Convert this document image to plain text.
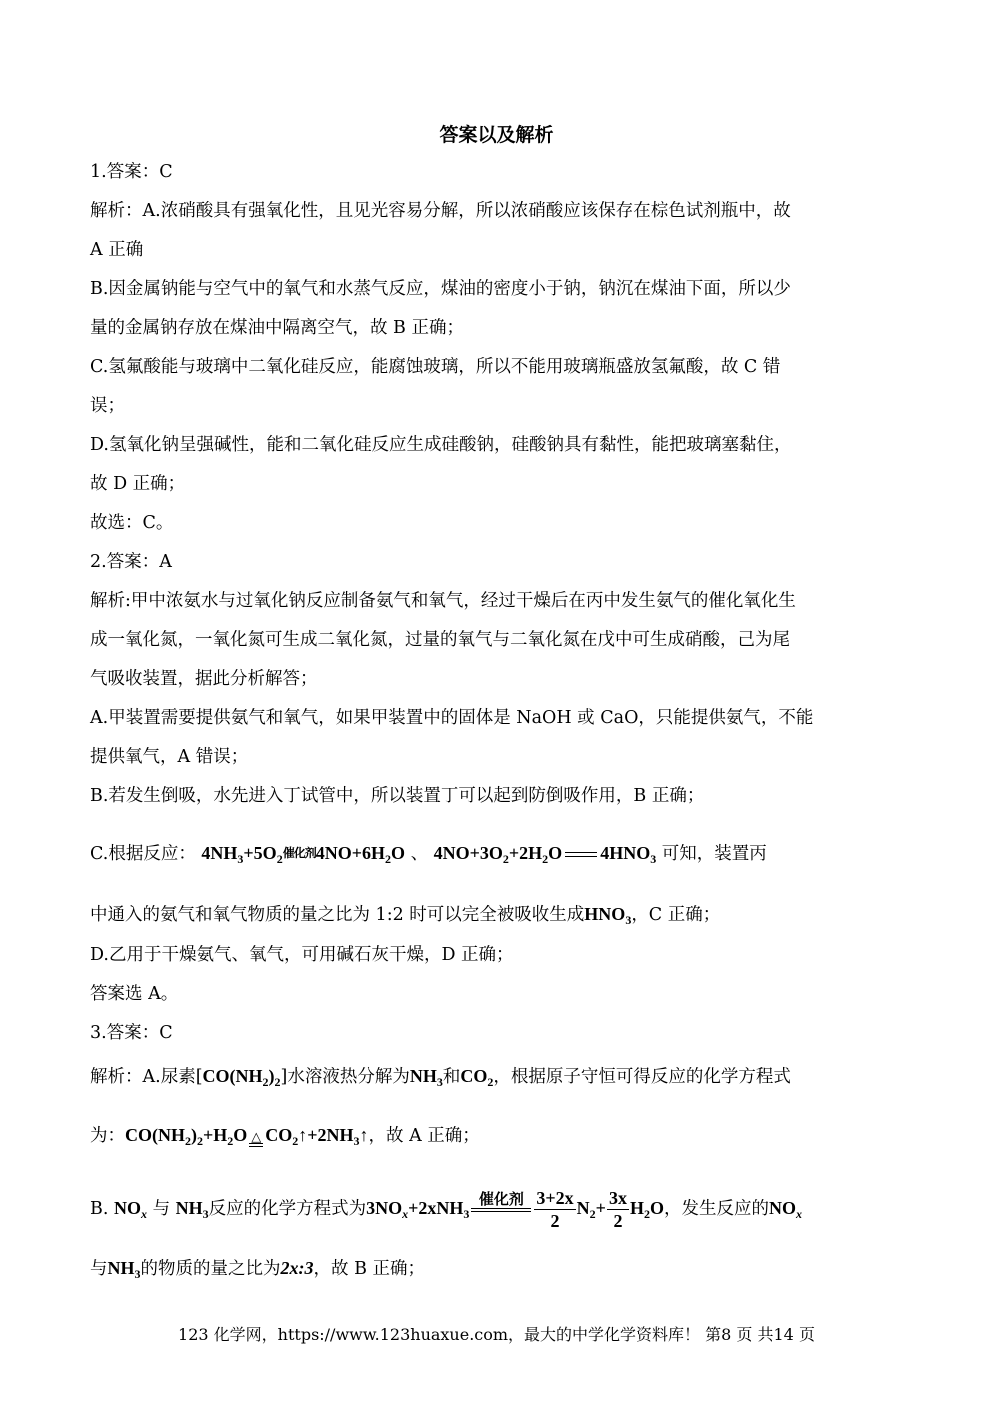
答案以及解析
1.答案：C
解析：A.浓硝酸具有强氧化性，且见光容易分解，所以浓硝酸应该保存在棕色试剂瓶中，故
A 正确
B.因金属钠能与空气中的氧气和水蒸气反应，煤油的密度小于钠，钠沉在煤油下面，所以少
量的金属钠存放在煤油中隔离空气，故 B 正确；
C.氢氟酸能与玻璃中二氧化硅反应，能腐蚀玻璃，所以不能用玻璃瓶盛放氢氟酸，故 C 错
误；
D.氢氧化钠呈强碱性，能和二氧化硅反应生成硅酸钠，硅酸钠具有黏性，能把玻璃塞黏住，
故 D 正确；
故选：C。
2.答案：A
解析:甲中浓氨水与过氧化钠反应制备氨气和氧气，经过干燥后在丙中发生氨气的催化氧化生
成一氧化氮，一氧化氮可生成二氧化氮，过量的氧气与二氧化氮在戊中可生成硝酸，己为尾
气吸收装置，据此分析解答；
A.甲装置需要提供氨气和氧气，如果甲装置中的固体是 NaOH 或 CaO，只能提供氨气，不能
提供氧气，A 错误；
B.若发生倒吸，水先进入丁试管中，所以装置丁可以起到防倒吸作用，B 正确；
C.根据反应： $4NH_3+5O_2$催化剂$4NO+6H_2O$ 、 $4NO+3O_2+2H_2O$ $4HNO_3$ 可知，装置丙
中通入的氨气和氧气物质的量之比为 1:2 时可以完全被吸收生成$HNO_3$，C 正确；
D.乙用于干燥氨气、氧气，可用碱石灰干燥，D 正确；
答案选 A。
3.答案：C
解析：A.尿素$[CO(NH_2)_2]$水溶液热分解为$NH_3$和$CO_2$，根据原子守恒可得反应的化学方程式
为：$CO(NH_2)_2+H_2O$ △ $CO_2↑+2NH_3↑$，故 A 正确；
B. $NO_x$ 与 $NH_3$反应的化学方程式为$3NO_x+2xNH_3$
催化剂
$\frac{3+2x}{2} N_2+ \frac{3x}{2} H_2O$，发生反应的$NO_x$
与$NH_3$的物质的量之比为2x:3，故 B 正确；
123 化学网，https://www.123huaxue.com，最大的中学化学资料库！ 第8 页 共14 页
